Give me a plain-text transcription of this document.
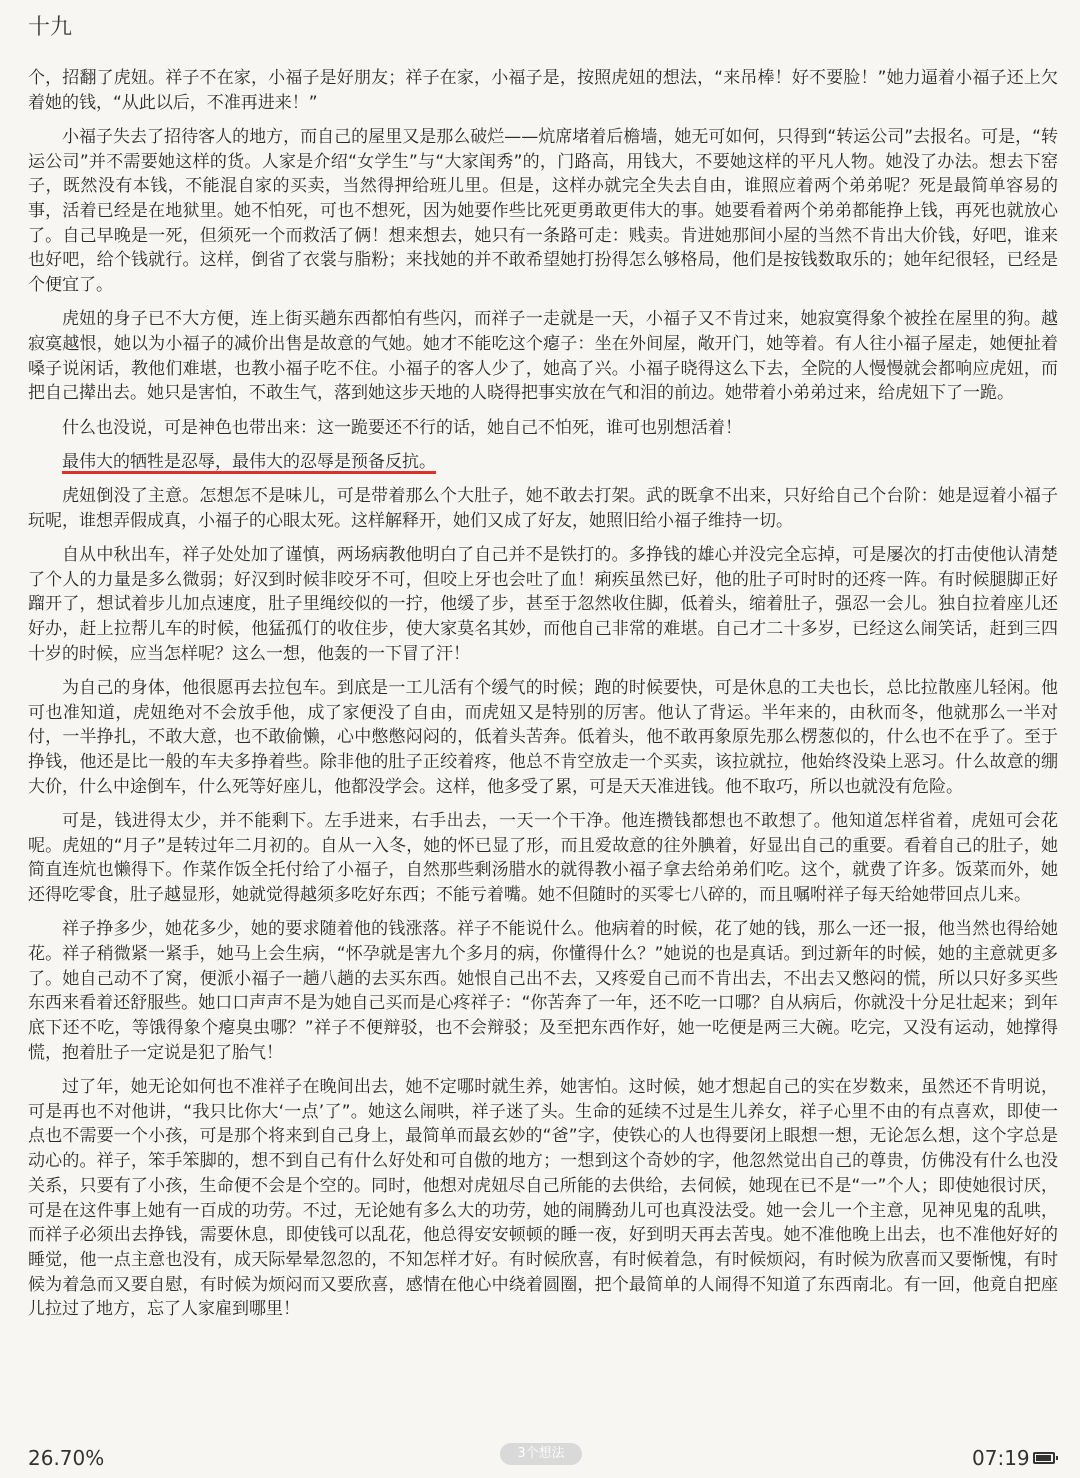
十九

个，招翻了虎妞。祥子不在家，小福子是好朋友；祥子在家，小福子是，按照虎妞的想法，“来吊棒！好不要脸！”她力逼着小福子还上欠着她的钱，“从此以后，不准再进来！”

小福子失去了招待客人的地方，而自己的屋里又是那么破烂——炕席堵着后檐墙，她无可如何，只得到“转运公司”去报名。可是，“转运公司”并不需要她这样的货。人家是介绍“女学生”与“大家闺秀”的，门路高，用钱大，不要她这样的平凡人物。她没了办法。想去下窑子，既然没有本钱，不能混自家的买卖，当然得押给班儿里。但是，这样办就完全失去自由，谁照应着两个弟弟呢？死是最简单容易的事，活着已经是在地狱里。她不怕死，可也不想死，因为她要作些比死更勇敢更伟大的事。她要看着两个弟弟都能挣上钱，再死也就放心了。自己早晚是一死，但须死一个而救活了俩！想来想去，她只有一条路可走：贱卖。肯进她那间小屋的当然不肯出大价钱，好吧，谁来也好吧，给个钱就行。这样，倒省了衣裳与脂粉；来找她的并不敢希望她打扮得怎么够格局，他们是按钱数取乐的；她年纪很轻，已经是个便宜了。

虎妞的身子已不大方便，连上街买趟东西都怕有些闪，而祥子一走就是一天，小福子又不肯过来，她寂寞得象个被拴在屋里的狗。越寂寞越恨，她以为小福子的减价出售是故意的气她。她才不能吃这个瘪子：坐在外间屋，敞开门，她等着。有人往小福子屋走，她便扯着嗓子说闲话，教他们难堪，也教小福子吃不住。小福子的客人少了，她高了兴。小福子晓得这么下去，全院的人慢慢就会都响应虎妞，而把自己撵出去。她只是害怕，不敢生气，落到她这步天地的人晓得把事实放在气和泪的前边。她带着小弟弟过来，给虎妞下了一跪。

什么也没说，可是神色也带出来：这一跪要还不行的话，她自己不怕死，谁可也别想活着！

最伟大的牺牲是忍辱，最伟大的忍辱是预备反抗。

虎妞倒没了主意。怎想怎不是味儿，可是带着那么个大肚子，她不敢去打架。武的既拿不出来，只好给自己个台阶：她是逗着小福子玩呢，谁想弄假成真，小福子的心眼太死。这样解释开，她们又成了好友，她照旧给小福子维持一切。

自从中秋出车，祥子处处加了谨慎，两场病教他明白了自己并不是铁打的。多挣钱的雄心并没完全忘掉，可是屡次的打击使他认清楚了个人的力量是多么微弱；好汉到时候非咬牙不可，但咬上牙也会吐了血！痢疾虽然已好，他的肚子可时时的还疼一阵。有时候腿脚正好蹓开了，想试着步儿加点速度，肚子里绳绞似的一拧，他缓了步，甚至于忽然收住脚，低着头，缩着肚子，强忍一会儿。独自拉着座儿还好办，赶上拉帮儿车的时候，他猛孤仃的收住步，使大家莫名其妙，而他自己非常的难堪。自己才二十多岁，已经这么闹笑话，赶到三四十岁的时候，应当怎样呢？这么一想，他轰的一下冒了汗！

为自己的身体，他很愿再去拉包车。到底是一工儿活有个缓气的时候；跑的时候要快，可是休息的工夫也长，总比拉散座儿轻闲。他可也准知道，虎妞绝对不会放手他，成了家便没了自由，而虎妞又是特别的厉害。他认了背运。半年来的，由秋而冬，他就那么一半对付，一半挣扎，不敢大意，也不敢偷懒，心中憋憋闷闷的，低着头苦奔。低着头，他不敢再象原先那么楞葱似的，什么也不在乎了。至于挣钱，他还是比一般的车夫多挣着些。除非他的肚子正绞着疼，他总不肯空放走一个买卖，该拉就拉，他始终没染上恶习。什么故意的绷大价，什么中途倒车，什么死等好座儿，他都没学会。这样，他多受了累，可是天天准进钱。他不取巧，所以也就没有危险。

可是，钱进得太少，并不能剩下。左手进来，右手出去，一天一个干净。他连攒钱都想也不敢想了。他知道怎样省着，虎妞可会花呢。虎妞的“月子”是转过年二月初的。自从一入冬，她的怀已显了形，而且爱故意的往外腆着，好显出自己的重要。看着自己的肚子，她简直连炕也懒得下。作菜作饭全托付给了小福子，自然那些剩汤腊水的就得教小福子拿去给弟弟们吃。这个，就费了许多。饭菜而外，她还得吃零食，肚子越显形，她就觉得越须多吃好东西；不能亏着嘴。她不但随时的买零七八碎的，而且嘱咐祥子每天给她带回点儿来。

祥子挣多少，她花多少，她的要求随着他的钱涨落。祥子不能说什么。他病着的时候，花了她的钱，那么一还一报，他当然也得给她花。祥子稍微紧一紧手，她马上会生病，“怀孕就是害九个多月的病，你懂得什么？”她说的也是真话。到过新年的时候，她的主意就更多了。她自己动不了窝，便派小福子一趟八趟的去买东西。她恨自己出不去，又疼爱自己而不肯出去，不出去又憋闷的慌，所以只好多买些东西来看着还舒服些。她口口声声不是为她自己买而是心疼祥子：“你苦奔了一年，还不吃一口哪？自从病后，你就没十分足壮起来；到年底下还不吃，等饿得象个瘪臭虫哪？”祥子不便辩驳，也不会辩驳；及至把东西作好，她一吃便是两三大碗。吃完，又没有运动，她撑得慌，抱着肚子一定说是犯了胎气！

过了年，她无论如何也不准祥子在晚间出去，她不定哪时就生养，她害怕。这时候，她才想起自己的实在岁数来，虽然还不肯明说，可是再也不对他讲，“我只比你大‘一点’了”。她这么闹哄，祥子迷了头。生命的延续不过是生儿养女，祥子心里不由的有点喜欢，即使一点也不需要一个小孩，可是那个将来到自己身上，最简单而最玄妙的“爸”字，使铁心的人也得要闭上眼想一想，无论怎么想，这个字总是动心的。祥子，笨手笨脚的，想不到自己有什么好处和可自傲的地方；一想到这个奇妙的字，他忽然觉出自己的尊贵，仿佛没有什么也没关系，只要有了小孩，生命便不会是个空的。同时，他想对虎妞尽自己所能的去供给，去伺候，她现在已不是“一”个人；即使她很讨厌，可是在这件事上她有一百成的功劳。不过，无论她有多么大的功劳，她的闹腾劲儿可也真没法受。她一会儿一个主意，见神见鬼的乱哄，而祥子必须出去挣钱，需要休息，即使钱可以乱花，他总得安安顿顿的睡一夜，好到明天再去苦曳。她不准他晚上出去，也不准他好好的睡觉，他一点主意也没有，成天际晕晕忽忽的，不知怎样才好。有时候欣喜，有时候着急，有时候烦闷，有时候为欣喜而又要惭愧，有时候为着急而又要自慰，有时候为烦闷而又要欣喜，感情在他心中绕着圆圈，把个最简单的人闹得不知道了东西南北。有一回，他竟自把座儿拉过了地方，忘了人家雇到哪里！

26.70%	3个想法	07:19
